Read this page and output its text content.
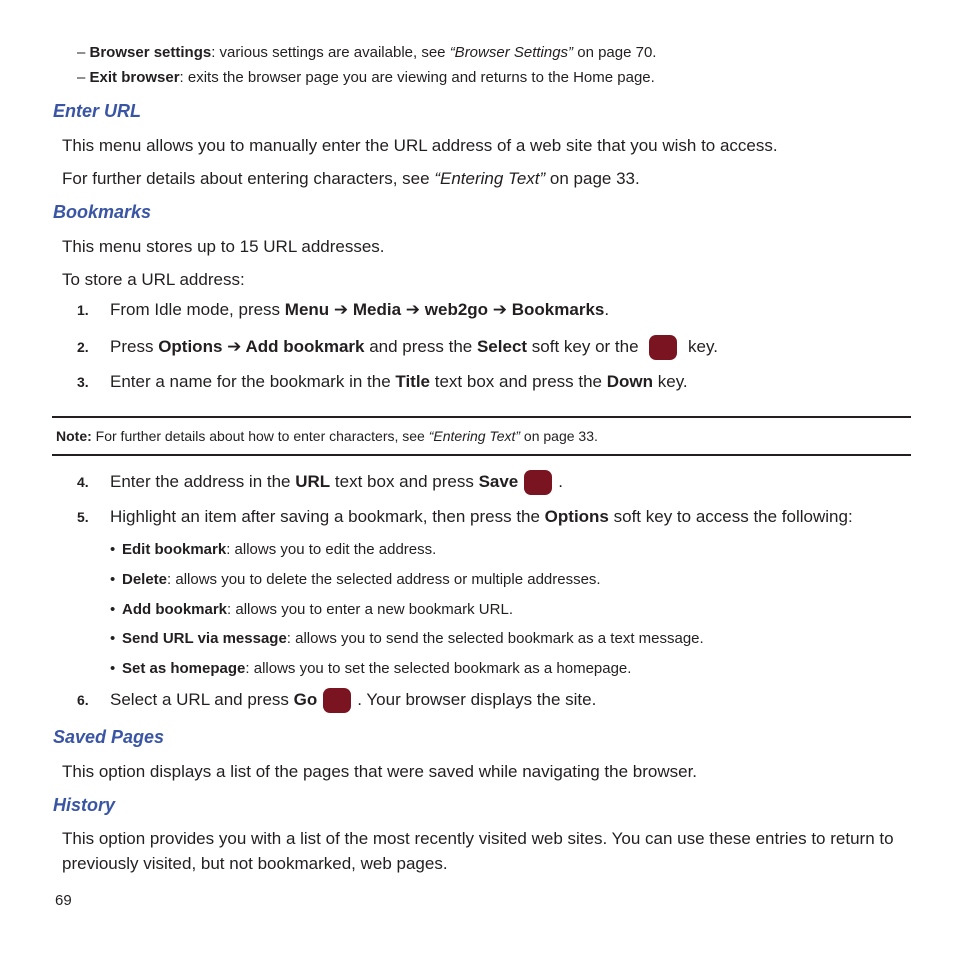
– Browser settings: various settings are available, see “Browser Settings” on page 70.
– Exit browser: exits the browser page you are viewing and returns to the Home page.
Enter URL
This menu allows you to manually enter the URL address of a web site that you wish to access.
For further details about entering characters, see “Entering Text” on page 33.
Bookmarks
This menu stores up to 15 URL addresses.
To store a URL address:
1. From Idle mode, press Menu ➔ Media ➔ web2go ➔ Bookmarks.
2. Press Options ➔ Add bookmark and press the Select soft key or the  key.
3. Enter a name for the bookmark in the Title text box and press the Down key.
Note: For further details about how to enter characters, see “Entering Text” on page 33.
4. Enter the address in the URL text box and press Save .
5. Highlight an item after saving a bookmark, then press the Options soft key to access the following:
• Edit bookmark: allows you to edit the address.
• Delete: allows you to delete the selected address or multiple addresses.
• Add bookmark: allows you to enter a new bookmark URL.
• Send URL via message: allows you to send the selected bookmark as a text message.
• Set as homepage: allows you to set the selected bookmark as a homepage.
6. Select a URL and press Go . Your browser displays the site.
Saved Pages
This option displays a list of the pages that were saved while navigating the browser.
History
This option provides you with a list of the most recently visited web sites. You can use these entries to return to
previously visited, but not bookmarked, web pages.
69
